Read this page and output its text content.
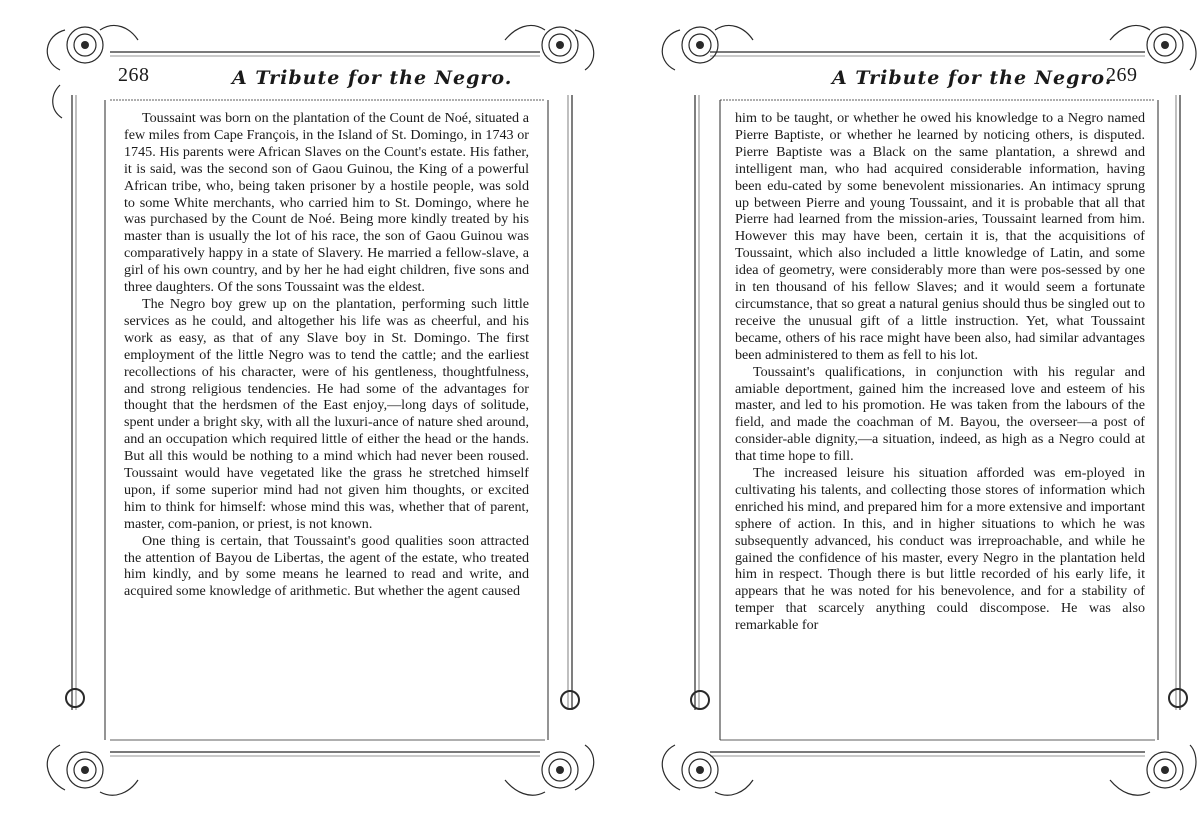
268	A Tribute for the Negro.

Toussaint was born on the plantation of the Count de Noé, situated a few miles from Cape François, in the Island of St. Domingo, in 1743 or 1745. His parents were African Slaves on the Count's estate. His father, it is said, was the second son of Gaou Guinou, the King of a powerful African tribe, who, being taken prisoner by a hostile people, was sold to some White merchants, who carried him to St. Domingo, where he was purchased by the Count de Noé. Being more kindly treated by his master than is usually the lot of his race, the son of Gaou Guinou was comparatively happy in a state of Slavery. He married a fellow-slave, a girl of his own country, and by her he had eight children, five sons and three daughters. Of the sons Toussaint was the eldest.

The Negro boy grew up on the plantation, performing such little services as he could, and altogether his life was as cheerful, and his work as easy, as that of any Slave boy in St. Domingo. The first employment of the little Negro was to tend the cattle; and the earliest recollections of his character, were of his gentleness, thoughtfulness, and strong religious tendencies. He had some of the advantages for thought that the herdsmen of the East enjoy,—long days of solitude, spent under a bright sky, with all the luxuri-ance of nature shed around, and an occupation which required little of either the head or the hands. But all this would be nothing to a mind which had never been roused. Toussaint would have vegetated like the grass he stretched himself upon, if some superior mind had not given him thoughts, or excited him to think for himself: whose mind this was, whether that of parent, master, com-panion, or priest, is not known.

One thing is certain, that Toussaint's good qualities soon attracted the attention of Bayou de Libertas, the agent of the estate, who treated him kindly, and by some means he learned to read and write, and acquired some knowledge of arithmetic. But whether the agent caused

A Tribute for the Negro.
269

him to be taught, or whether he owed his knowledge to a Negro named Pierre Baptiste, or whether he learned by noticing others, is disputed. Pierre Baptiste was a Black on the same plantation, a shrewd and intelligent man, who had acquired considerable information, having been edu-cated by some benevolent missionaries. An intimacy sprung up between Pierre and young Toussaint, and it is probable that all that Pierre had learned from the mission-aries, Toussaint learned from him. However this may have been, certain it is, that the acquisitions of Toussaint, which also included a little knowledge of Latin, and some idea of geometry, were considerably more than were pos-sessed by one in ten thousand of his fellow Slaves; and it would seem a fortunate circumstance, that so great a natural genius should thus be singled out to receive the unusual gift of a little instruction. Yet, what Toussaint became, others of his race might have been also, had similar advantages been administered to them as fell to his lot.

Toussaint's qualifications, in conjunction with his regular and amiable deportment, gained him the increased love and esteem of his master, and led to his promotion. He was taken from the labours of the field, and made the coachman of M. Bayou, the overseer—a post of consider-able dignity,—a situation, indeed, as high as a Negro could at that time hope to fill.

The increased leisure his situation afforded was em-ployed in cultivating his talents, and collecting those stores of information which enriched his mind, and prepared him for a more extensive and important sphere of action. In this, and in higher situations to which he was subsequently advanced, his conduct was irreproachable, and while he gained the confidence of his master, every Negro in the plantation held him in respect. Though there is but little recorded of his early life, it appears that he was noted for his benevolence, and for a stability of temper that scarcely anything could discompose. He was also remarkable for
